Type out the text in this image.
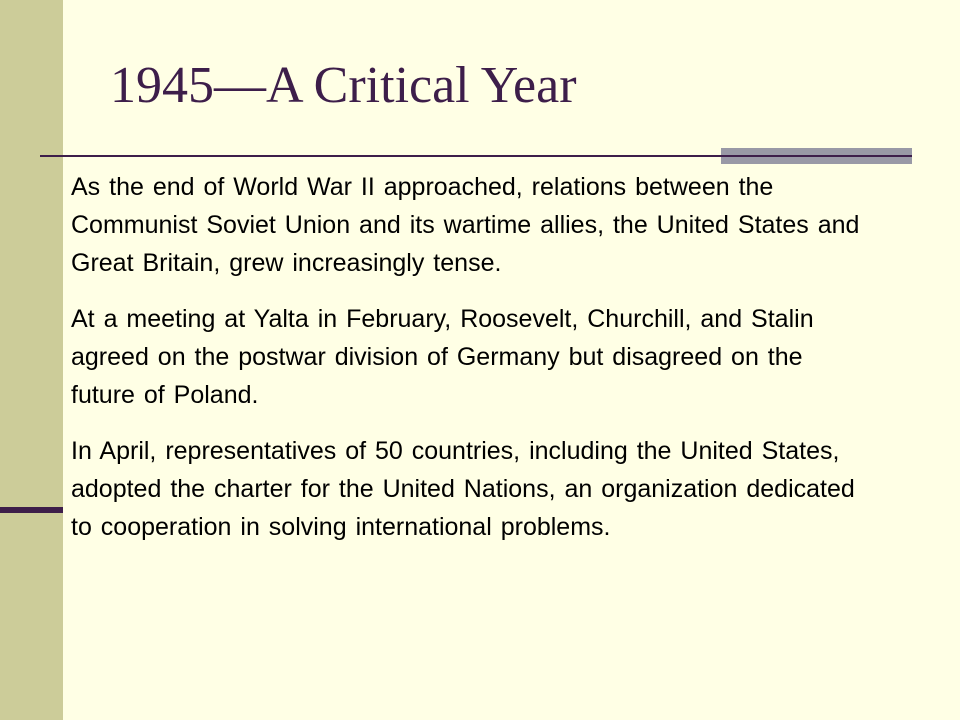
1945—A Critical Year
As the end of World War II approached, relations between the Communist Soviet Union and its wartime allies, the United States and Great Britain, grew increasingly tense.
At a meeting at Yalta in February, Roosevelt, Churchill, and Stalin agreed on the postwar division of Germany but disagreed on the future of Poland.
In April, representatives of 50 countries, including the United States, adopted the charter for the United Nations, an organization dedicated to cooperation in solving international problems.
